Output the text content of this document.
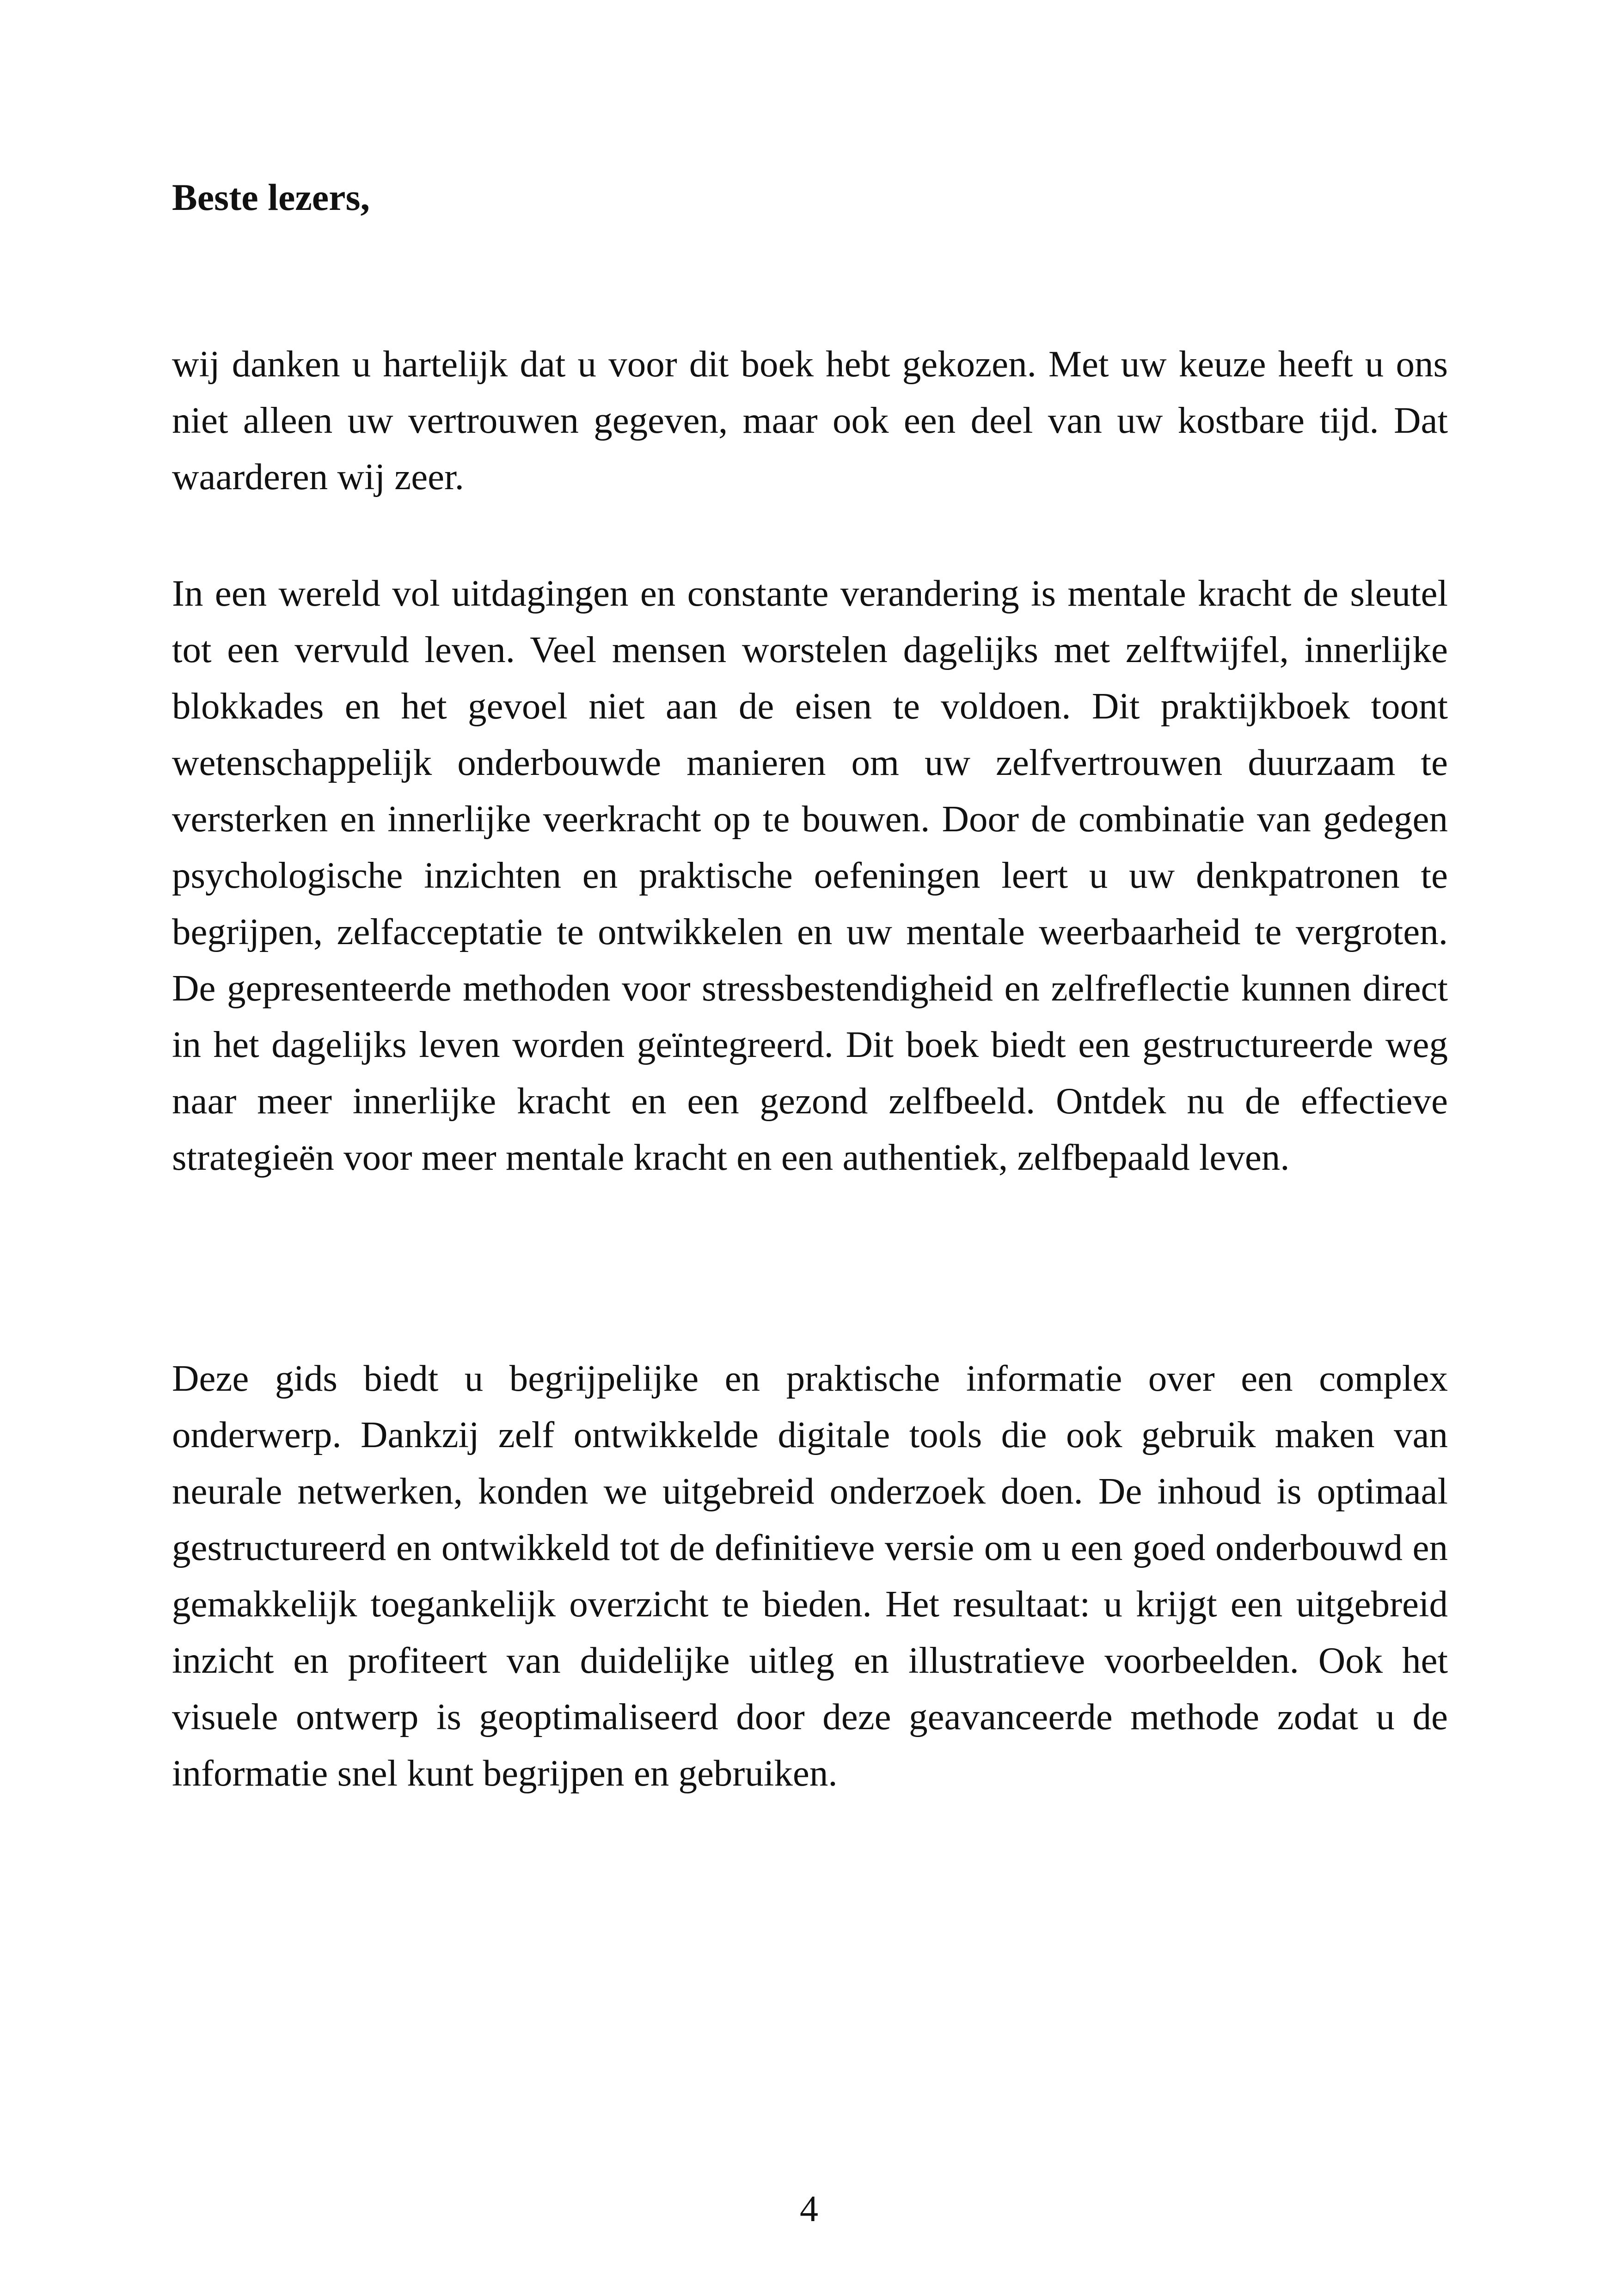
Beste lezers,

wij danken u hartelijk dat u voor dit boek hebt gekozen. Met uw keuze heeft u ons niet alleen uw vertrouwen gegeven, maar ook een deel van uw kostbare tijd. Dat waarderen wij zeer.

In een wereld vol uitdagingen en constante verandering is mentale kracht de sleutel tot een vervuld leven. Veel mensen worstelen dagelijks met zelftwijfel, innerlijke blokkades en het gevoel niet aan de eisen te voldoen. Dit praktijkboek toont wetenschappelijk onderbouwde manieren om uw zelfvertrouwen duurzaam te versterken en innerlijke veerkracht op te bouwen. Door de combinatie van gedegen psychologische inzichten en praktische oefeningen leert u uw denkpatronen te begrijpen, zelfacceptatie te ontwikkelen en uw mentale weerbaarheid te vergroten. De gepresenteerde methoden voor stressbestendigheid en zelfreflectie kunnen direct in het dagelijks leven worden geïntegreerd. Dit boek biedt een gestructureerde weg naar meer innerlijke kracht en een gezond zelfbeeld. Ontdek nu de effectieve strategieën voor meer mentale kracht en een authentiek, zelfbepaald leven.

Deze gids biedt u begrijpelijke en praktische informatie over een complex onderwerp. Dankzij zelf ontwikkelde digitale tools die ook gebruik maken van neurale netwerken, konden we uitgebreid onderzoek doen. De inhoud is optimaal gestructureerd en ontwikkeld tot de definitieve versie om u een goed onderbouwd en gemakkelijk toegankelijk overzicht te bieden. Het resultaat: u krijgt een uitgebreid inzicht en profiteert van duidelijke uitleg en illustratieve voorbeelden. Ook het visuele ontwerp is geoptimaliseerd door deze geavanceerde methode zodat u de informatie snel kunt begrijpen en gebruiken.

4
